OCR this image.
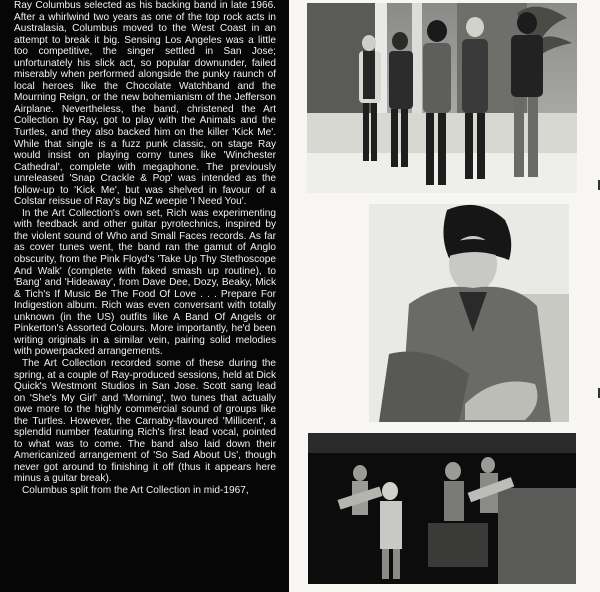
Ray Columbus selected as his backing band in late 1966. After a whirlwind two years as one of the top rock acts in Australasia, Columbus moved to the West Coast in an attempt to break it big. Sensing Los Angeles was a little too competitive, the singer settled in San Jose; unfortunately his slick act, so popular downunder, failed miserably when performed alongside the punky raunch of local heroes like the Chocolate Watchband and the Mourning Reign, or the new bohemianism of the Jefferson Airplane. Nevertheless, the band, christened the Art Collection by Ray, got to play with the Animals and the Turtles, and they also backed him on the killer 'Kick Me'. While that single is a fuzz punk classic, on stage Ray would insist on playing corny tunes like 'Winchester Cathedral', complete with megaphone. The previously unreleased 'Snap Crackle & Pop' was intended as the follow-up to 'Kick Me', but was shelved in favour of a Colstar reissue of Ray's big NZ weepie 'I Need You'.

In the Art Collection's own set, Rich was experimenting with feedback and other guitar pyrotechnics, inspired by the violent sound of Who and Small Faces records. As far as cover tunes went, the band ran the gamut of Anglo obscurity, from the Pink Floyd's 'Take Up Thy Stethoscope And Walk' (complete with faked smash up routine), to 'Bang' and 'Hideaway', from Dave Dee, Dozy, Beaky, Mick & Tich's If Music Be The Food Of Love . . . Prepare For Indigestion album. Rich was even conversant with totally unknown (in the US) outfits like A Band Of Angels or Pinkerton's Assorted Colours. More importantly, he'd been writing originals in a similar vein, pairing solid melodies with powerpacked arrangements.

The Art Collection recorded some of these during the spring, at a couple of Ray-produced sessions, held at Dick Quick's Westmont Studios in San Jose. Scott sang lead on 'She's My Girl' and 'Morning', two tunes that actually owe more to the highly commercial sound of groups like the Turtles. However, the Carnaby-flavoured 'Millicent', a splendid number featuring Rich's first lead vocal, pointed to what was to come. The band also laid down their Americanized arrangement of 'So Sad About Us', though never got around to finishing it off (thus it appears here minus a guitar break).

Columbus split from the Art Collection in mid-1967,
